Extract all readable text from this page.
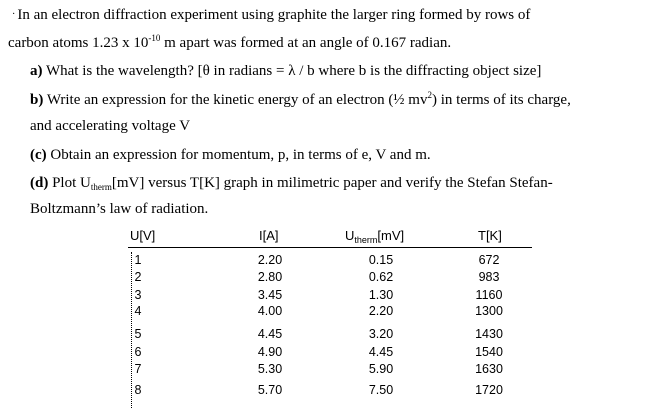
· In an electron diffraction experiment using graphite the larger ring formed by rows of
carbon atoms 1.23 x $10^{-10}$ m apart was formed at an angle of 0.167 radian.
a) What is the wavelength? [θ in radians = λ / b where b is the diffracting object size]
b) Write an expression for the kinetic energy of an electron (½ $mv^2$) in terms of its charge,
and accelerating voltage V
(c) Obtain an expression for momentum, p, in terms of e, V and m.
(d) Plot $U_{therm}[mV]$ versus T[K] graph in milimetric paper and verify the Stefan Stefan-
Boltzmann’s law of radiation.
U[V]	I[A]	$U_{therm}[mV]$	T[K]
1	2.20	0.15	672
2	2.80	0.62	983
3	3.45	1.30	1160
4	4.00	2.20	1300
5	4.45	3.20	1430
6	4.90	4.45	1540
7	5.30	5.90	1630
8	5.70	7.50	1720
